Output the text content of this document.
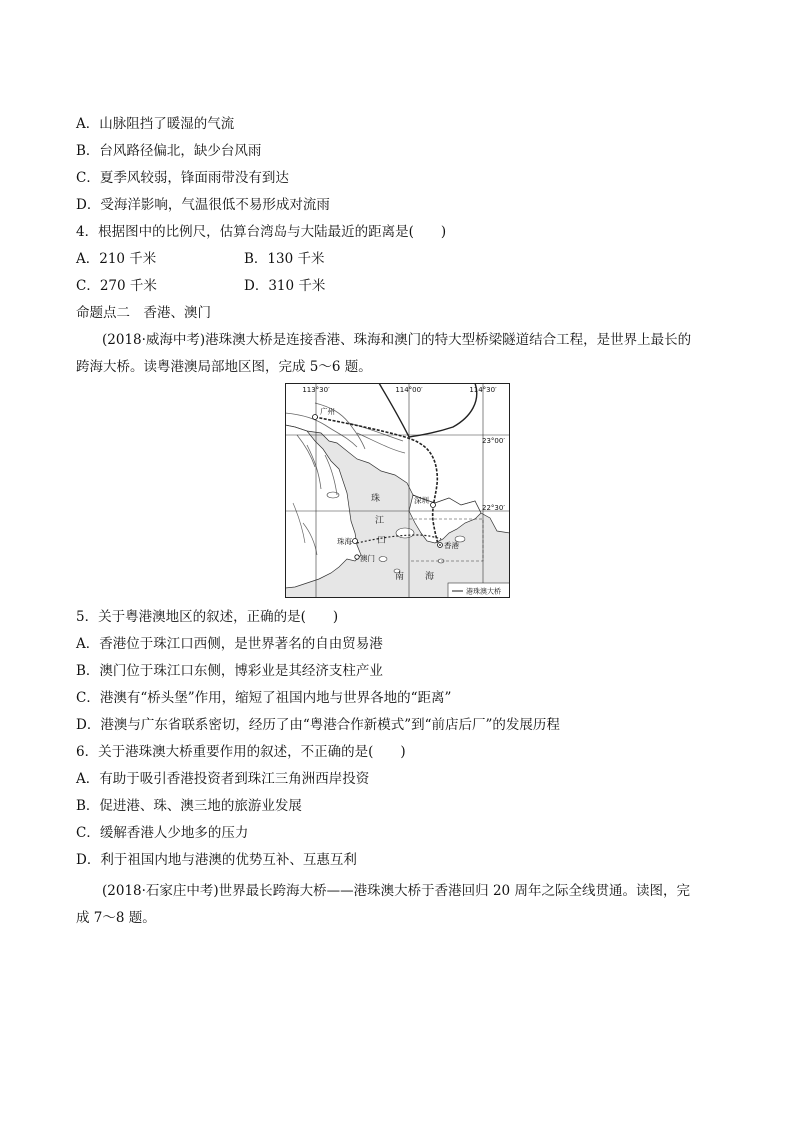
A．山脉阻挡了暖湿的气流
B．台风路径偏北，缺少台风雨
C．夏季风较弱，锋面雨带没有到达
D．受海洋影响，气温很低不易形成对流雨
4．根据图中的比例尺，估算台湾岛与大陆最近的距离是(　　)
A．210 千米	B．130 千米
C．270 千米	D．310 千米
命题点二　香港、澳门
(2018·威海中考)港珠澳大桥是连接香港、珠海和澳门的特大型桥梁隧道结合工程，是世界上最长的
跨海大桥。读粤港澳局部地区图，完成 5～6 题。
113°30′	114°00′	114°30′
23°00′
22°30′
广州
深圳
珠海
澳门
香港
珠
江
口
南 海
港珠澳大桥
5．关于粤港澳地区的叙述，正确的是(　　)
A．香港位于珠江口西侧，是世界著名的自由贸易港
B．澳门位于珠江口东侧，博彩业是其经济支柱产业
C．港澳有“桥头堡”作用，缩短了祖国内地与世界各地的“距离”
D．港澳与广东省联系密切，经历了由“粤港合作新模式”到“前店后厂”的发展历程
6．关于港珠澳大桥重要作用的叙述，不正确的是(　　)
A．有助于吸引香港投资者到珠江三角洲西岸投资
B．促进港、珠、澳三地的旅游业发展
C．缓解香港人少地多的压力
D．利于祖国内地与港澳的优势互补、互惠互利
(2018·石家庄中考)世界最长跨海大桥——港珠澳大桥于香港回归 20 周年之际全线贯通。读图，完
成 7～8 题。
